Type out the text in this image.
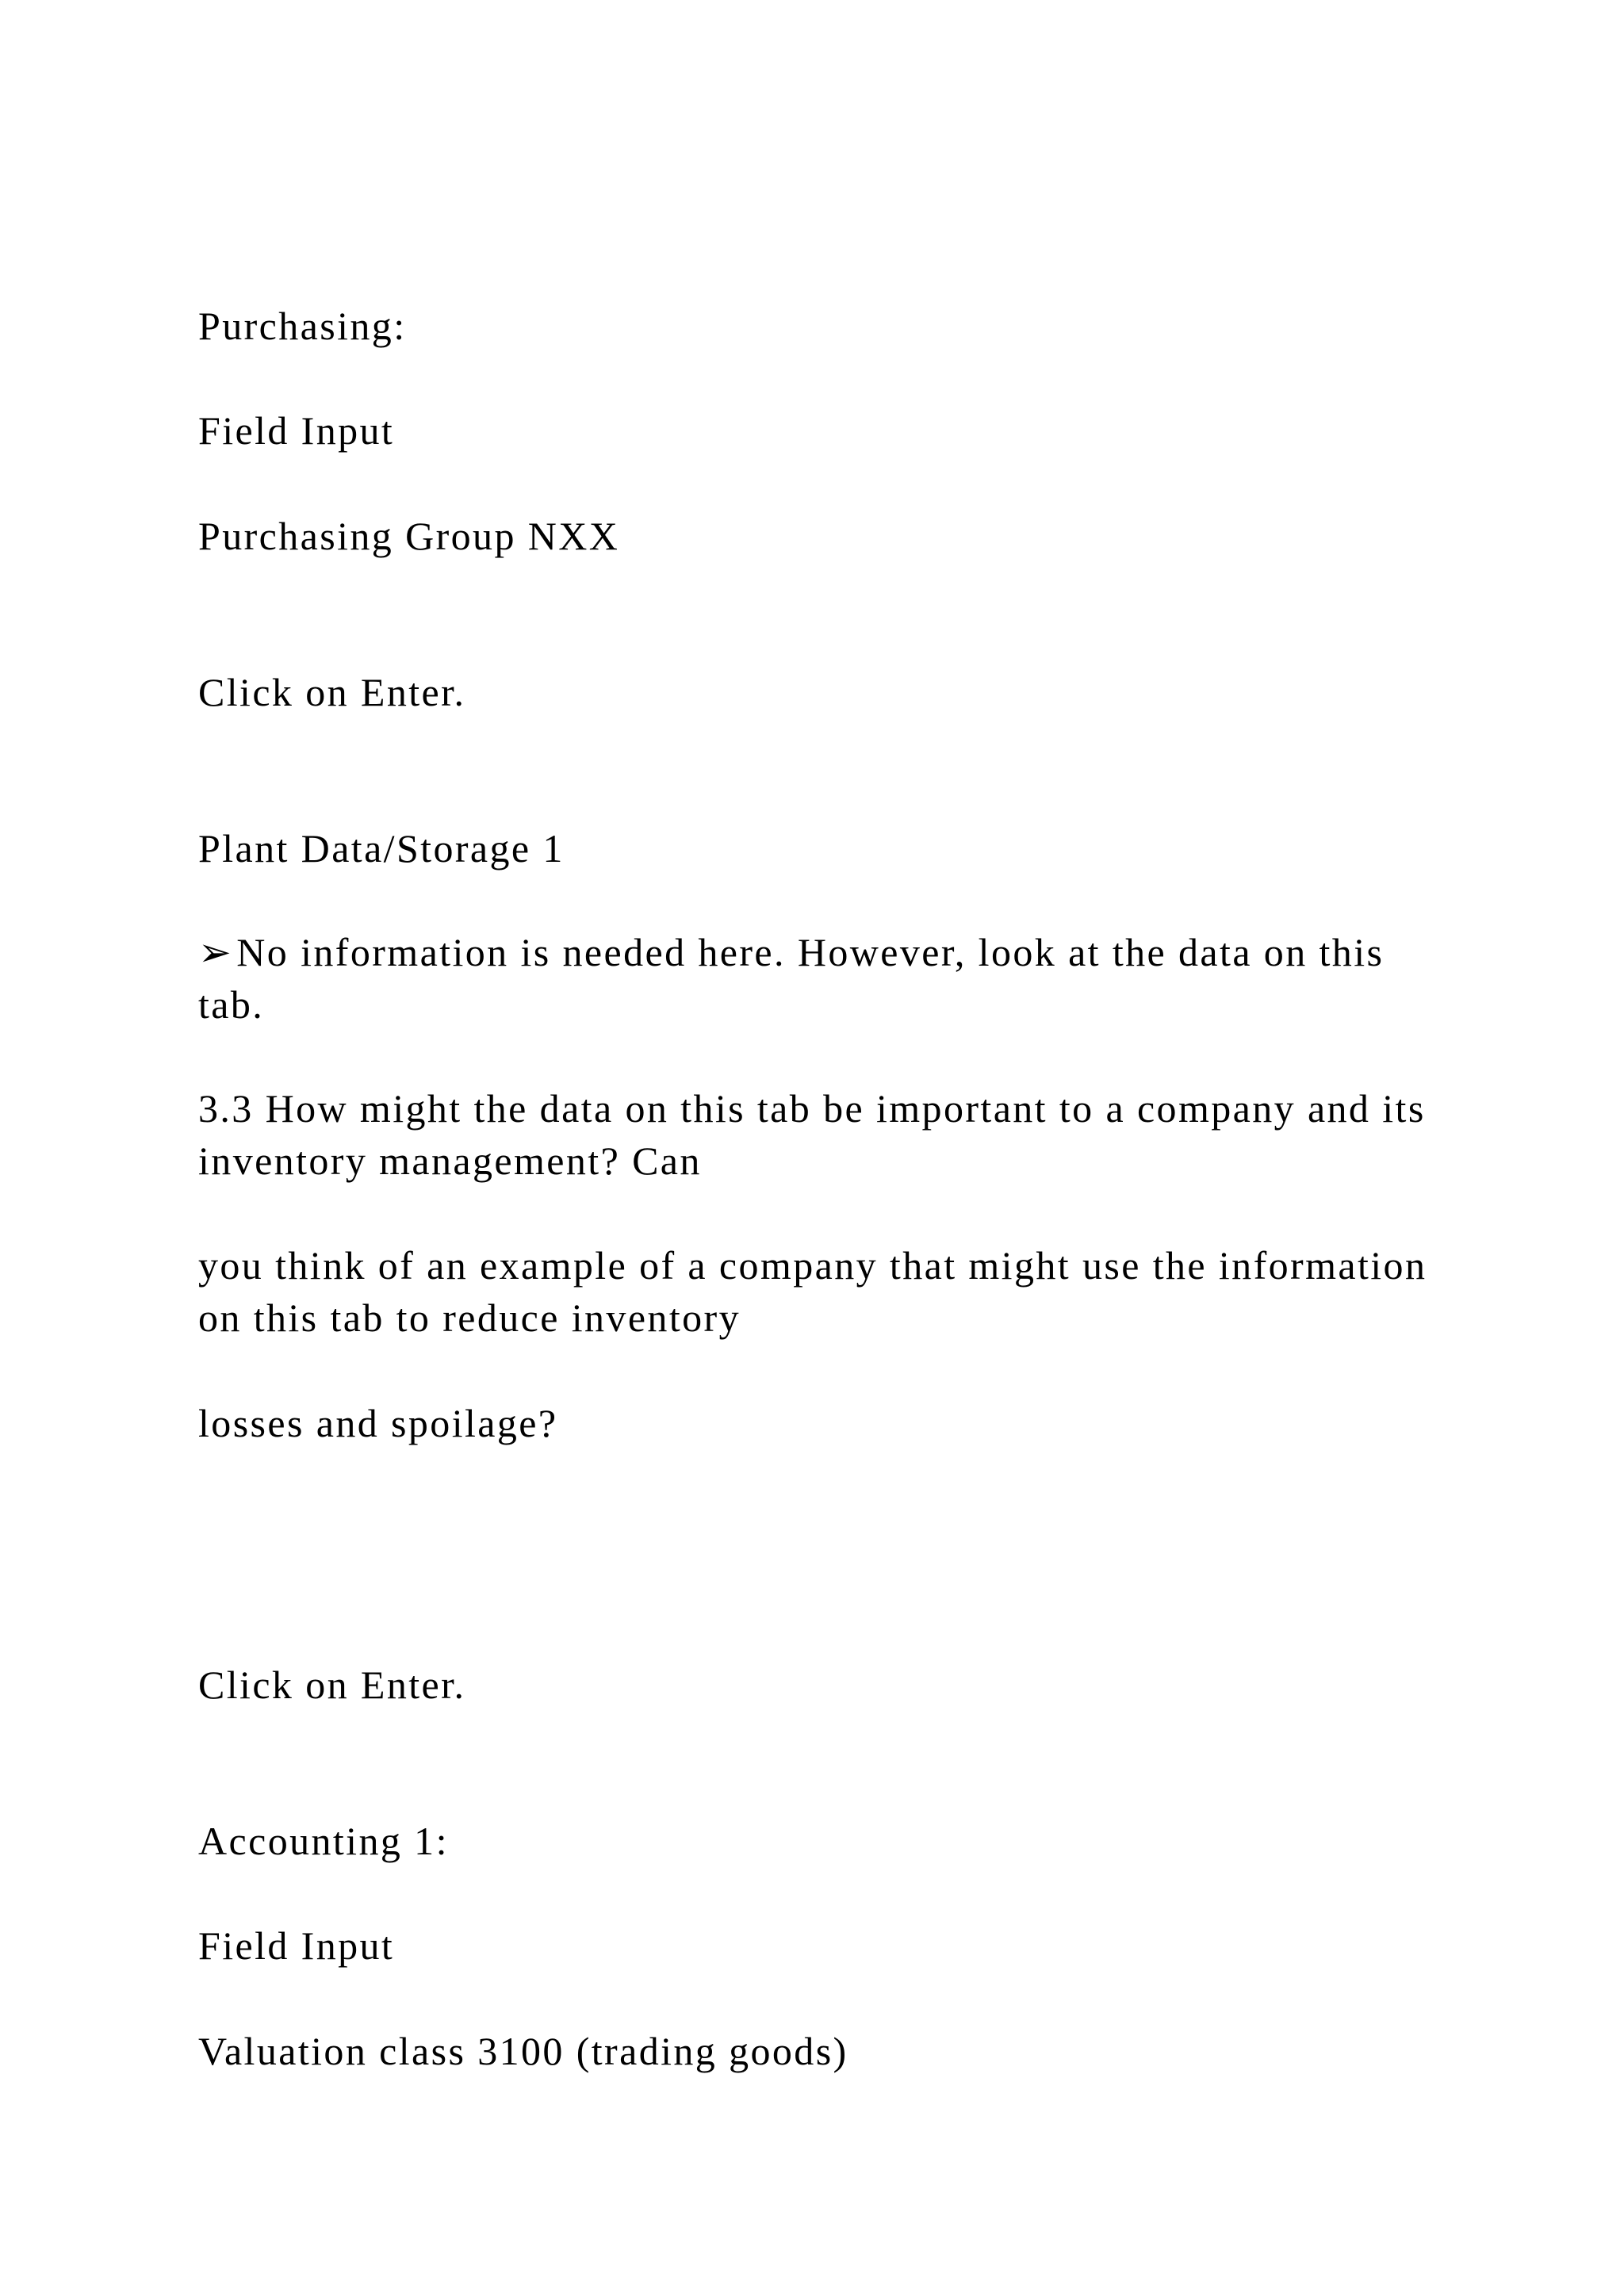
Purchasing:

Field Input

Purchasing Group NXX

Click on Enter.

Plant Data/Storage 1

➢No information is needed here. However, look at the data on this tab.

3.3 How might the data on this tab be important to a company and its inventory management? Can

you think of an example of a company that might use the information on this tab to reduce inventory

losses and spoilage?

Click on Enter.

Accounting 1:

Field Input

Valuation class 3100 (trading goods)
